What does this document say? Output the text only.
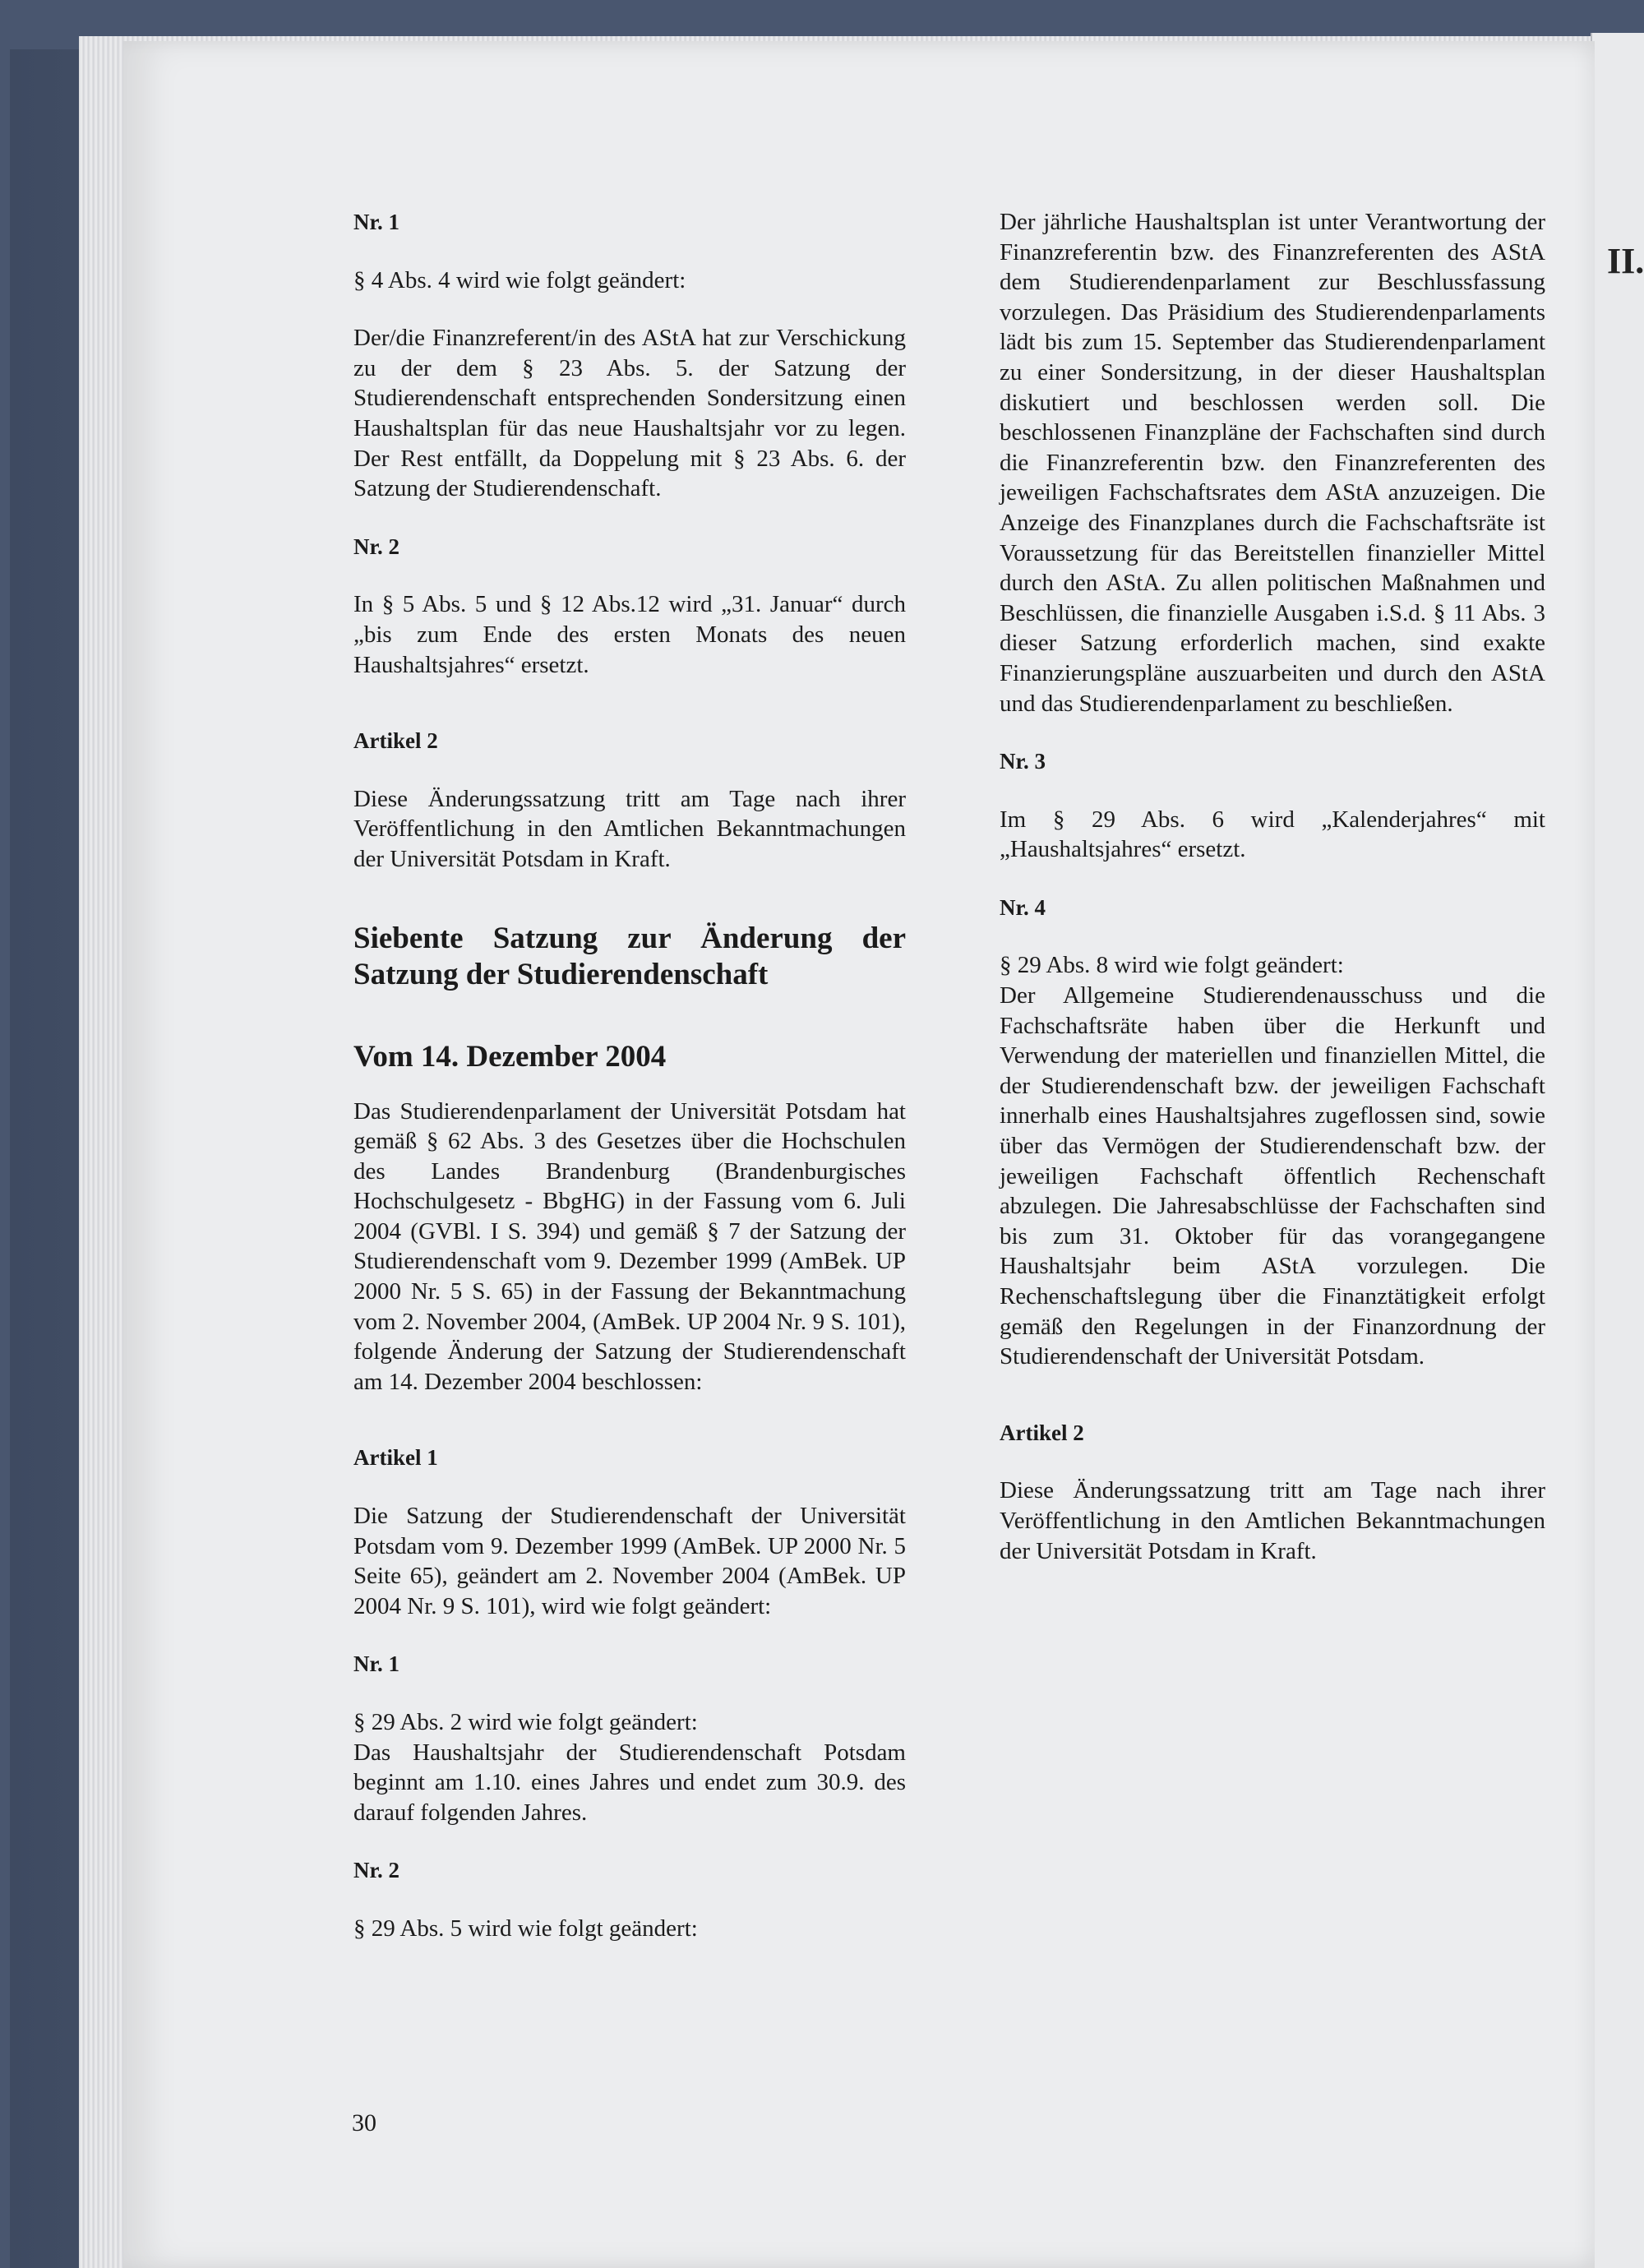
II.

Nr. 1

§ 4 Abs. 4 wird wie folgt geändert:

Der/die Finanzreferent/in des AStA hat zur Verschickung zu der dem § 23 Abs. 5. der Satzung der Studierendenschaft entsprechenden Sondersitzung einen Haushaltsplan für das neue Haushaltsjahr vor zu legen. Der Rest entfällt, da Doppelung mit § 23 Abs. 6. der Satzung der Studierendenschaft.

Nr. 2

In § 5 Abs. 5 und § 12 Abs.12 wird „31. Januar“ durch „bis zum Ende des ersten Monats des neuen Haushaltsjahres“ ersetzt.

Artikel 2

Diese Änderungssatzung tritt am Tage nach ihrer Veröffentlichung in den Amtlichen Bekanntmachungen der Universität Potsdam in Kraft.

Siebente Satzung zur Änderung der Satzung der Studierendenschaft

Vom 14. Dezember 2004

Das Studierendenparlament der Universität Potsdam hat gemäß § 62 Abs. 3 des Gesetzes über die Hochschulen des Landes Brandenburg (Brandenburgisches Hochschulgesetz - BbgHG) in der Fassung vom 6. Juli 2004 (GVBl. I S. 394) und gemäß § 7 der Satzung der Studierendenschaft vom 9. Dezember 1999 (AmBek. UP 2000 Nr. 5 S. 65) in der Fassung der Bekanntmachung vom 2. November 2004, (AmBek. UP 2004 Nr. 9 S. 101), folgende Änderung der Satzung der Studierendenschaft am 14. Dezember 2004 beschlossen:

Artikel 1

Die Satzung der Studierendenschaft der Universität Potsdam vom 9. Dezember 1999 (AmBek. UP 2000 Nr. 5 Seite 65), geändert am 2. November 2004 (AmBek. UP 2004 Nr. 9 S. 101), wird wie folgt geändert:

Nr. 1

§ 29 Abs. 2 wird wie folgt geändert:

Das Haushaltsjahr der Studierendenschaft Potsdam beginnt am 1.10. eines Jahres und endet zum 30.9. des darauf folgenden Jahres.

Nr. 2

§ 29 Abs. 5 wird wie folgt geändert:

Der jährliche Haushaltsplan ist unter Verantwortung der Finanzreferentin bzw. des Finanzreferenten des AStA dem Studierendenparlament zur Beschlussfassung vorzulegen. Das Präsidium des Studierendenparlaments lädt bis zum 15. September das Studierendenparlament zu einer Sondersitzung, in der dieser Haushaltsplan diskutiert und beschlossen werden soll. Die beschlossenen Finanzpläne der Fachschaften sind durch die Finanzreferentin bzw. den Finanzreferenten des jeweiligen Fachschaftsrates dem AStA anzuzeigen. Die Anzeige des Finanzplanes durch die Fachschaftsräte ist Voraussetzung für das Bereitstellen finanzieller Mittel durch den AStA. Zu allen politischen Maßnahmen und Beschlüssen, die finanzielle Ausgaben i.S.d. § 11 Abs. 3 dieser Satzung erforderlich machen, sind exakte Finanzierungspläne auszuarbeiten und durch den AStA und das Studierendenparlament zu beschließen.

Nr. 3

Im § 29 Abs. 6 wird „Kalenderjahres“ mit „Haushaltsjahres“ ersetzt.

Nr. 4

§ 29 Abs. 8 wird wie folgt geändert:

Der Allgemeine Studierendenausschuss und die Fachschaftsräte haben über die Herkunft und Verwendung der materiellen und finanziellen Mittel, die der Studierendenschaft bzw. der jeweiligen Fachschaft innerhalb eines Haushaltsjahres zugeflossen sind, sowie über das Vermögen der Studierendenschaft bzw. der jeweiligen Fachschaft öffentlich Rechenschaft abzulegen. Die Jahresabschlüsse der Fachschaften sind bis zum 31. Oktober für das vorangegangene Haushaltsjahr beim AStA vorzulegen. Die Rechenschaftslegung über die Finanztätigkeit erfolgt gemäß den Regelungen in der Finanzordnung der Studierendenschaft der Universität Potsdam.

Artikel 2

Diese Änderungssatzung tritt am Tage nach ihrer Veröffentlichung in den Amtlichen Bekanntmachungen der Universität Potsdam in Kraft.

30
